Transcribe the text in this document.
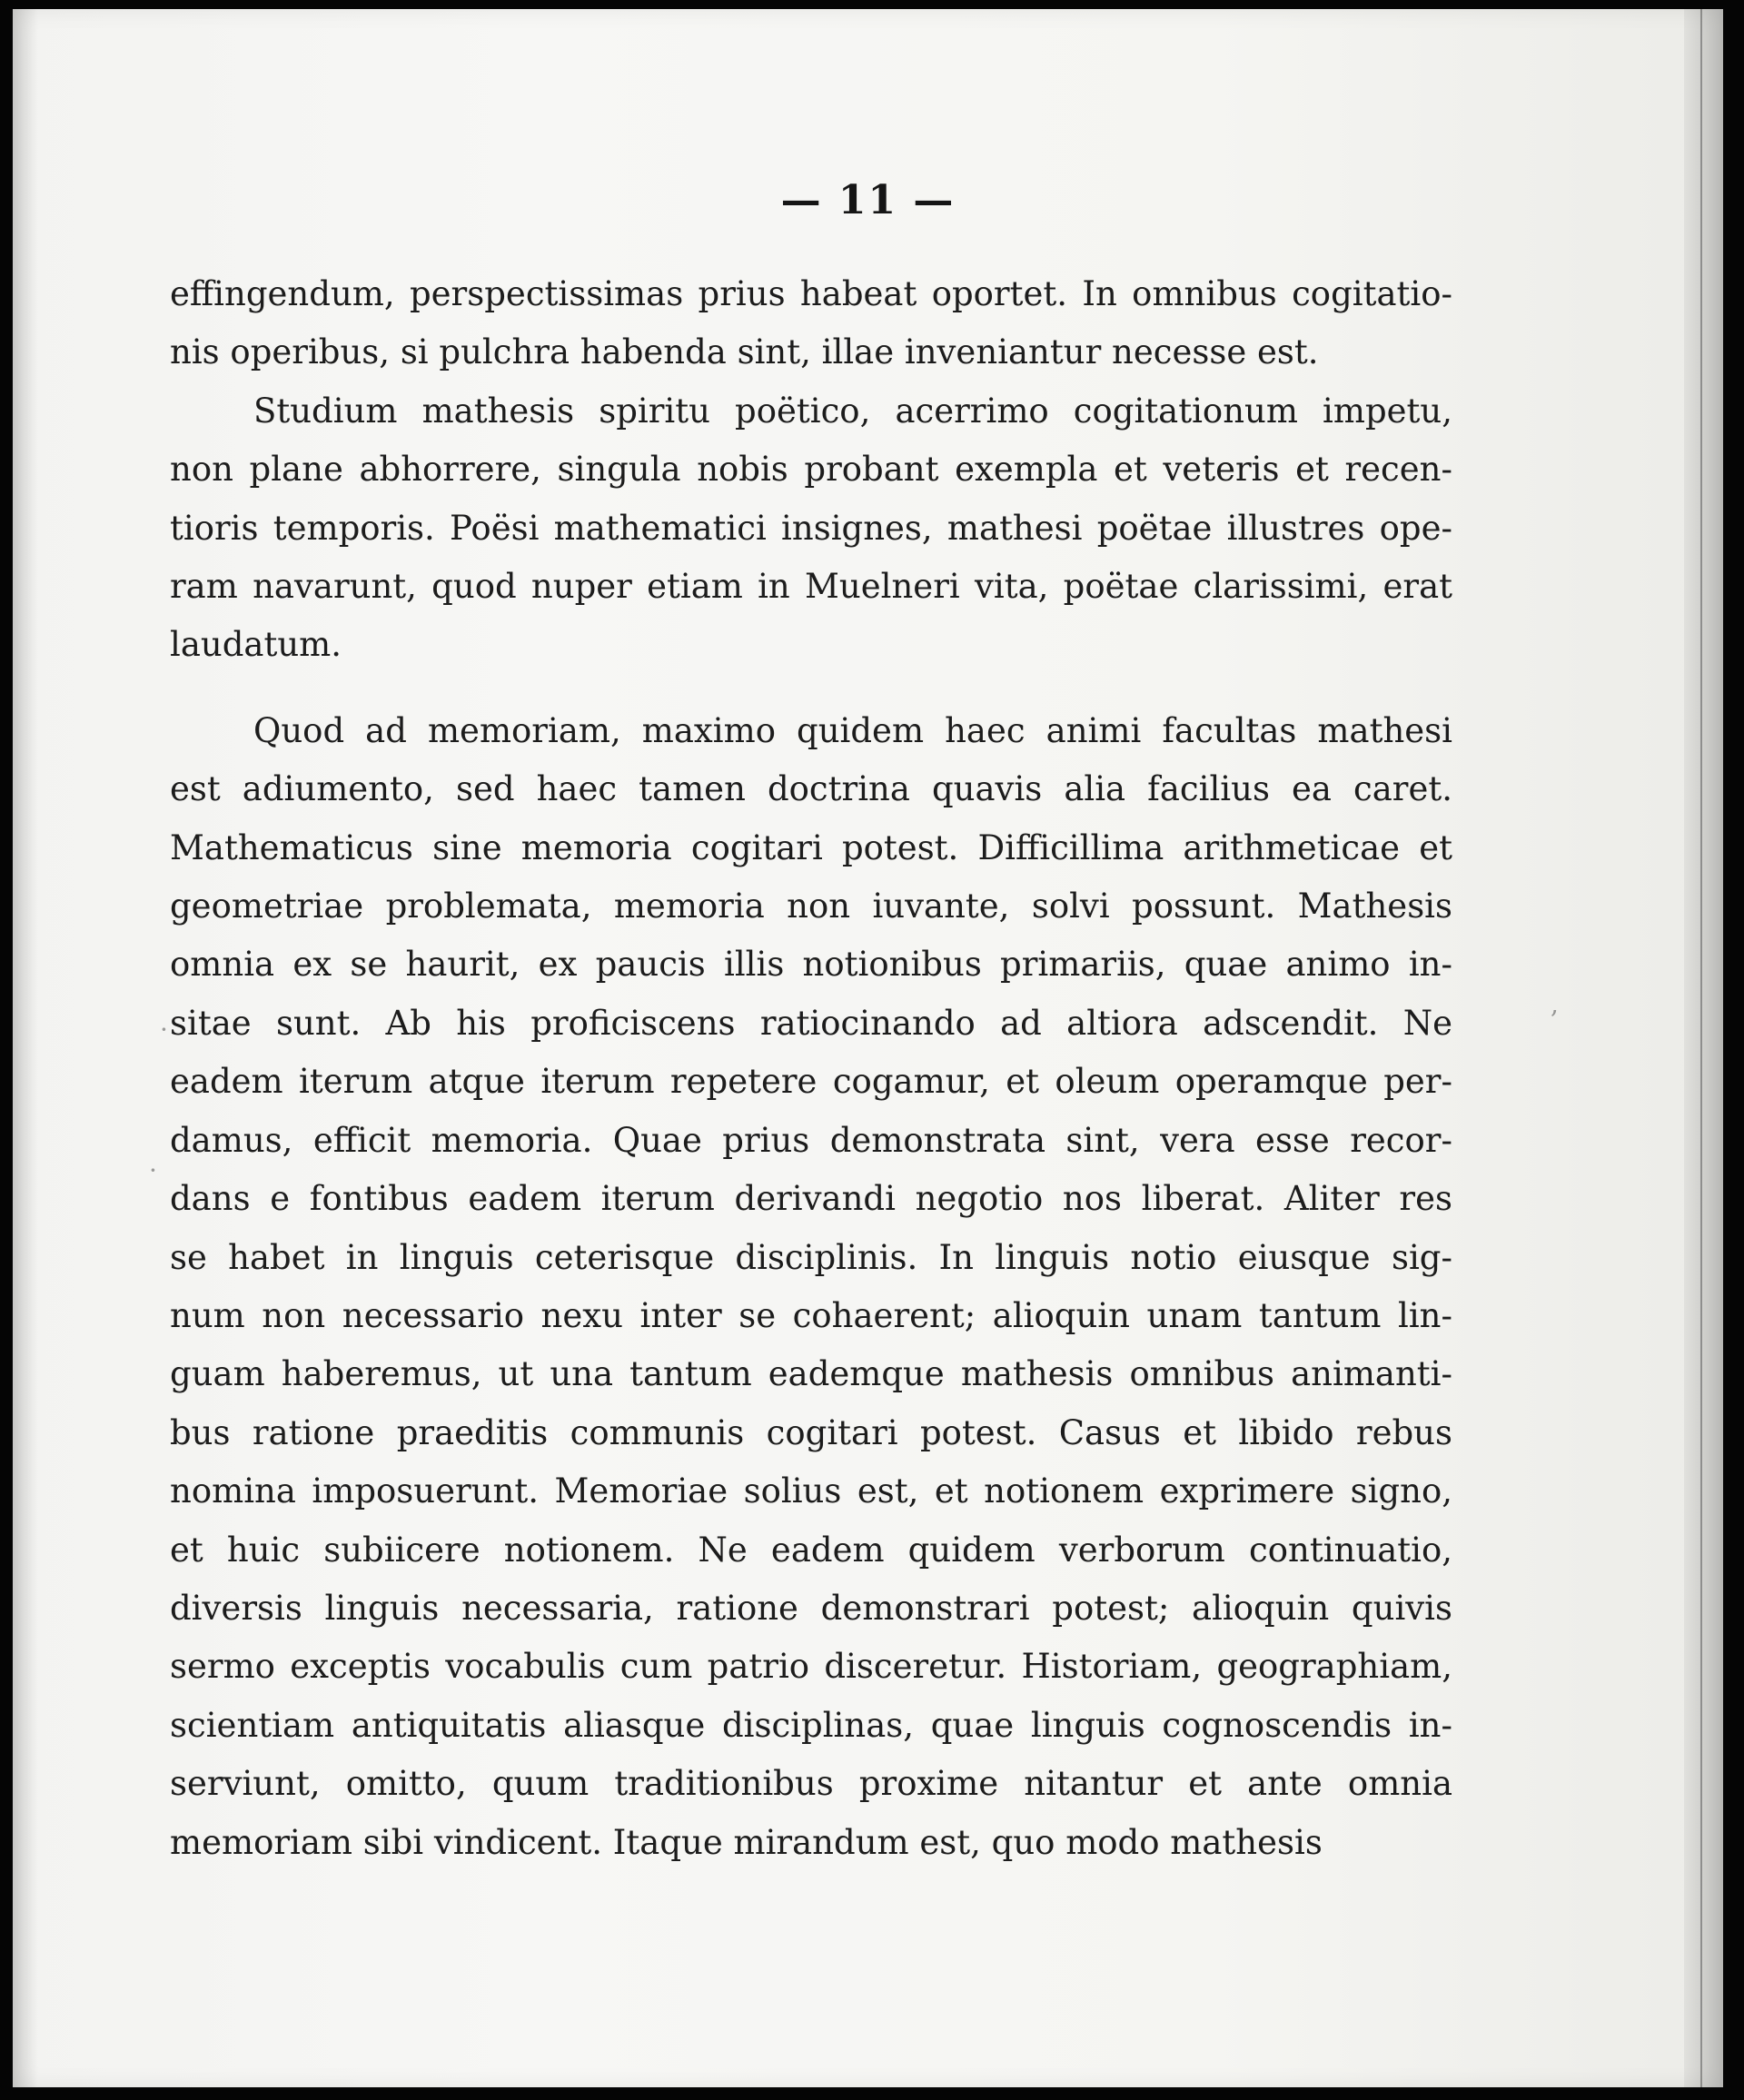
— 11 —
effingendum, perspectissimas prius habeat oportet. In omnibus cogitatio-
nis operibus, si pulchra habenda sint, illae inveniantur necesse est.
Studium mathesis spiritu poëtico, acerrimo cogitationum impetu,
non plane abhorrere, singula nobis probant exempla et veteris et recen-
tioris temporis. Poësi mathematici insignes, mathesi poëtae illustres ope-
ram navarunt, quod nuper etiam in Muelneri vita, poëtae clarissimi, erat
laudatum.
Quod ad memoriam, maximo quidem haec animi facultas mathesi
est adiumento, sed haec tamen doctrina quavis alia facilius ea caret.
Mathematicus sine memoria cogitari potest. Difficillima arithmeticae et
geometriae problemata, memoria non iuvante, solvi possunt. Mathesis
omnia ex se haurit, ex paucis illis notionibus primariis, quae animo in-
sitae sunt. Ab his proficiscens ratiocinando ad altiora adscendit. Ne
eadem iterum atque iterum repetere cogamur, et oleum operamque per-
damus, efficit memoria. Quae prius demonstrata sint, vera esse recor-
dans e fontibus eadem iterum derivandi negotio nos liberat. Aliter res
se habet in linguis ceterisque disciplinis. In linguis notio eiusque sig-
num non necessario nexu inter se cohaerent; alioquin unam tantum lin-
guam haberemus, ut una tantum eademque mathesis omnibus animanti-
bus ratione praeditis communis cogitari potest. Casus et libido rebus
nomina imposuerunt. Memoriae solius est, et notionem exprimere signo,
et huic subiicere notionem. Ne eadem quidem verborum continuatio,
diversis linguis necessaria, ratione demonstrari potest; alioquin quivis
sermo exceptis vocabulis cum patrio disceretur. Historiam, geographiam,
scientiam antiquitatis aliasque disciplinas, quae linguis cognoscendis in-
serviunt, omitto, quum traditionibus proxime nitantur et ante omnia
memoriam sibi vindicent. Itaque mirandum est, quo modo mathesis
,
·
·
